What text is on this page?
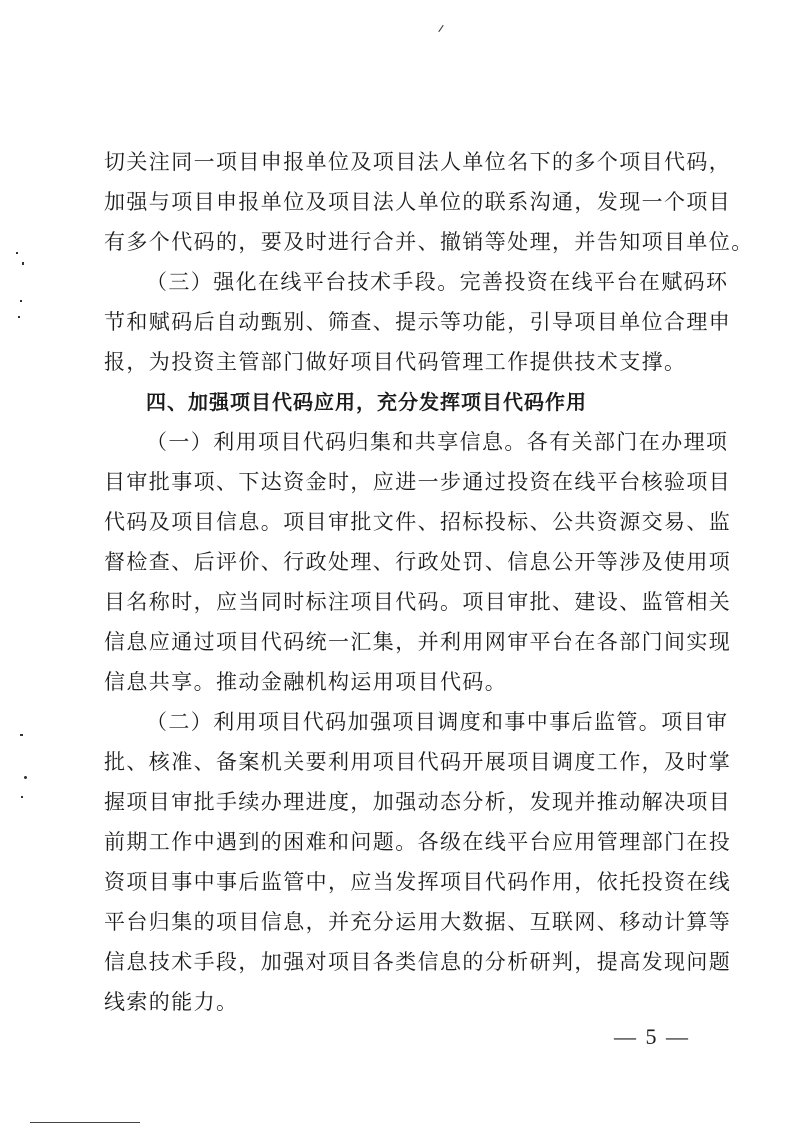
切关注同一项目申报单位及项目法人单位名下的多个项目代码，
加强与项目申报单位及项目法人单位的联系沟通，发现一个项目
有多个代码的，要及时进行合并、撤销等处理，并告知项目单位。
（三）强化在线平台技术手段。完善投资在线平台在赋码环
节和赋码后自动甄别、筛查、提示等功能，引导项目单位合理申
报，为投资主管部门做好项目代码管理工作提供技术支撑。
四、加强项目代码应用，充分发挥项目代码作用
（一）利用项目代码归集和共享信息。各有关部门在办理项
目审批事项、下达资金时，应进一步通过投资在线平台核验项目
代码及项目信息。项目审批文件、招标投标、公共资源交易、监
督检查、后评价、行政处理、行政处罚、信息公开等涉及使用项
目名称时，应当同时标注项目代码。项目审批、建设、监管相关
信息应通过项目代码统一汇集，并利用网审平台在各部门间实现
信息共享。推动金融机构运用项目代码。
（二）利用项目代码加强项目调度和事中事后监管。项目审
批、核准、备案机关要利用项目代码开展项目调度工作，及时掌
握项目审批手续办理进度，加强动态分析，发现并推动解决项目
前期工作中遇到的困难和问题。各级在线平台应用管理部门在投
资项目事中事后监管中，应当发挥项目代码作用，依托投资在线
平台归集的项目信息，并充分运用大数据、互联网、移动计算等
信息技术手段，加强对项目各类信息的分析研判，提高发现问题
线索的能力。
— 5 —
